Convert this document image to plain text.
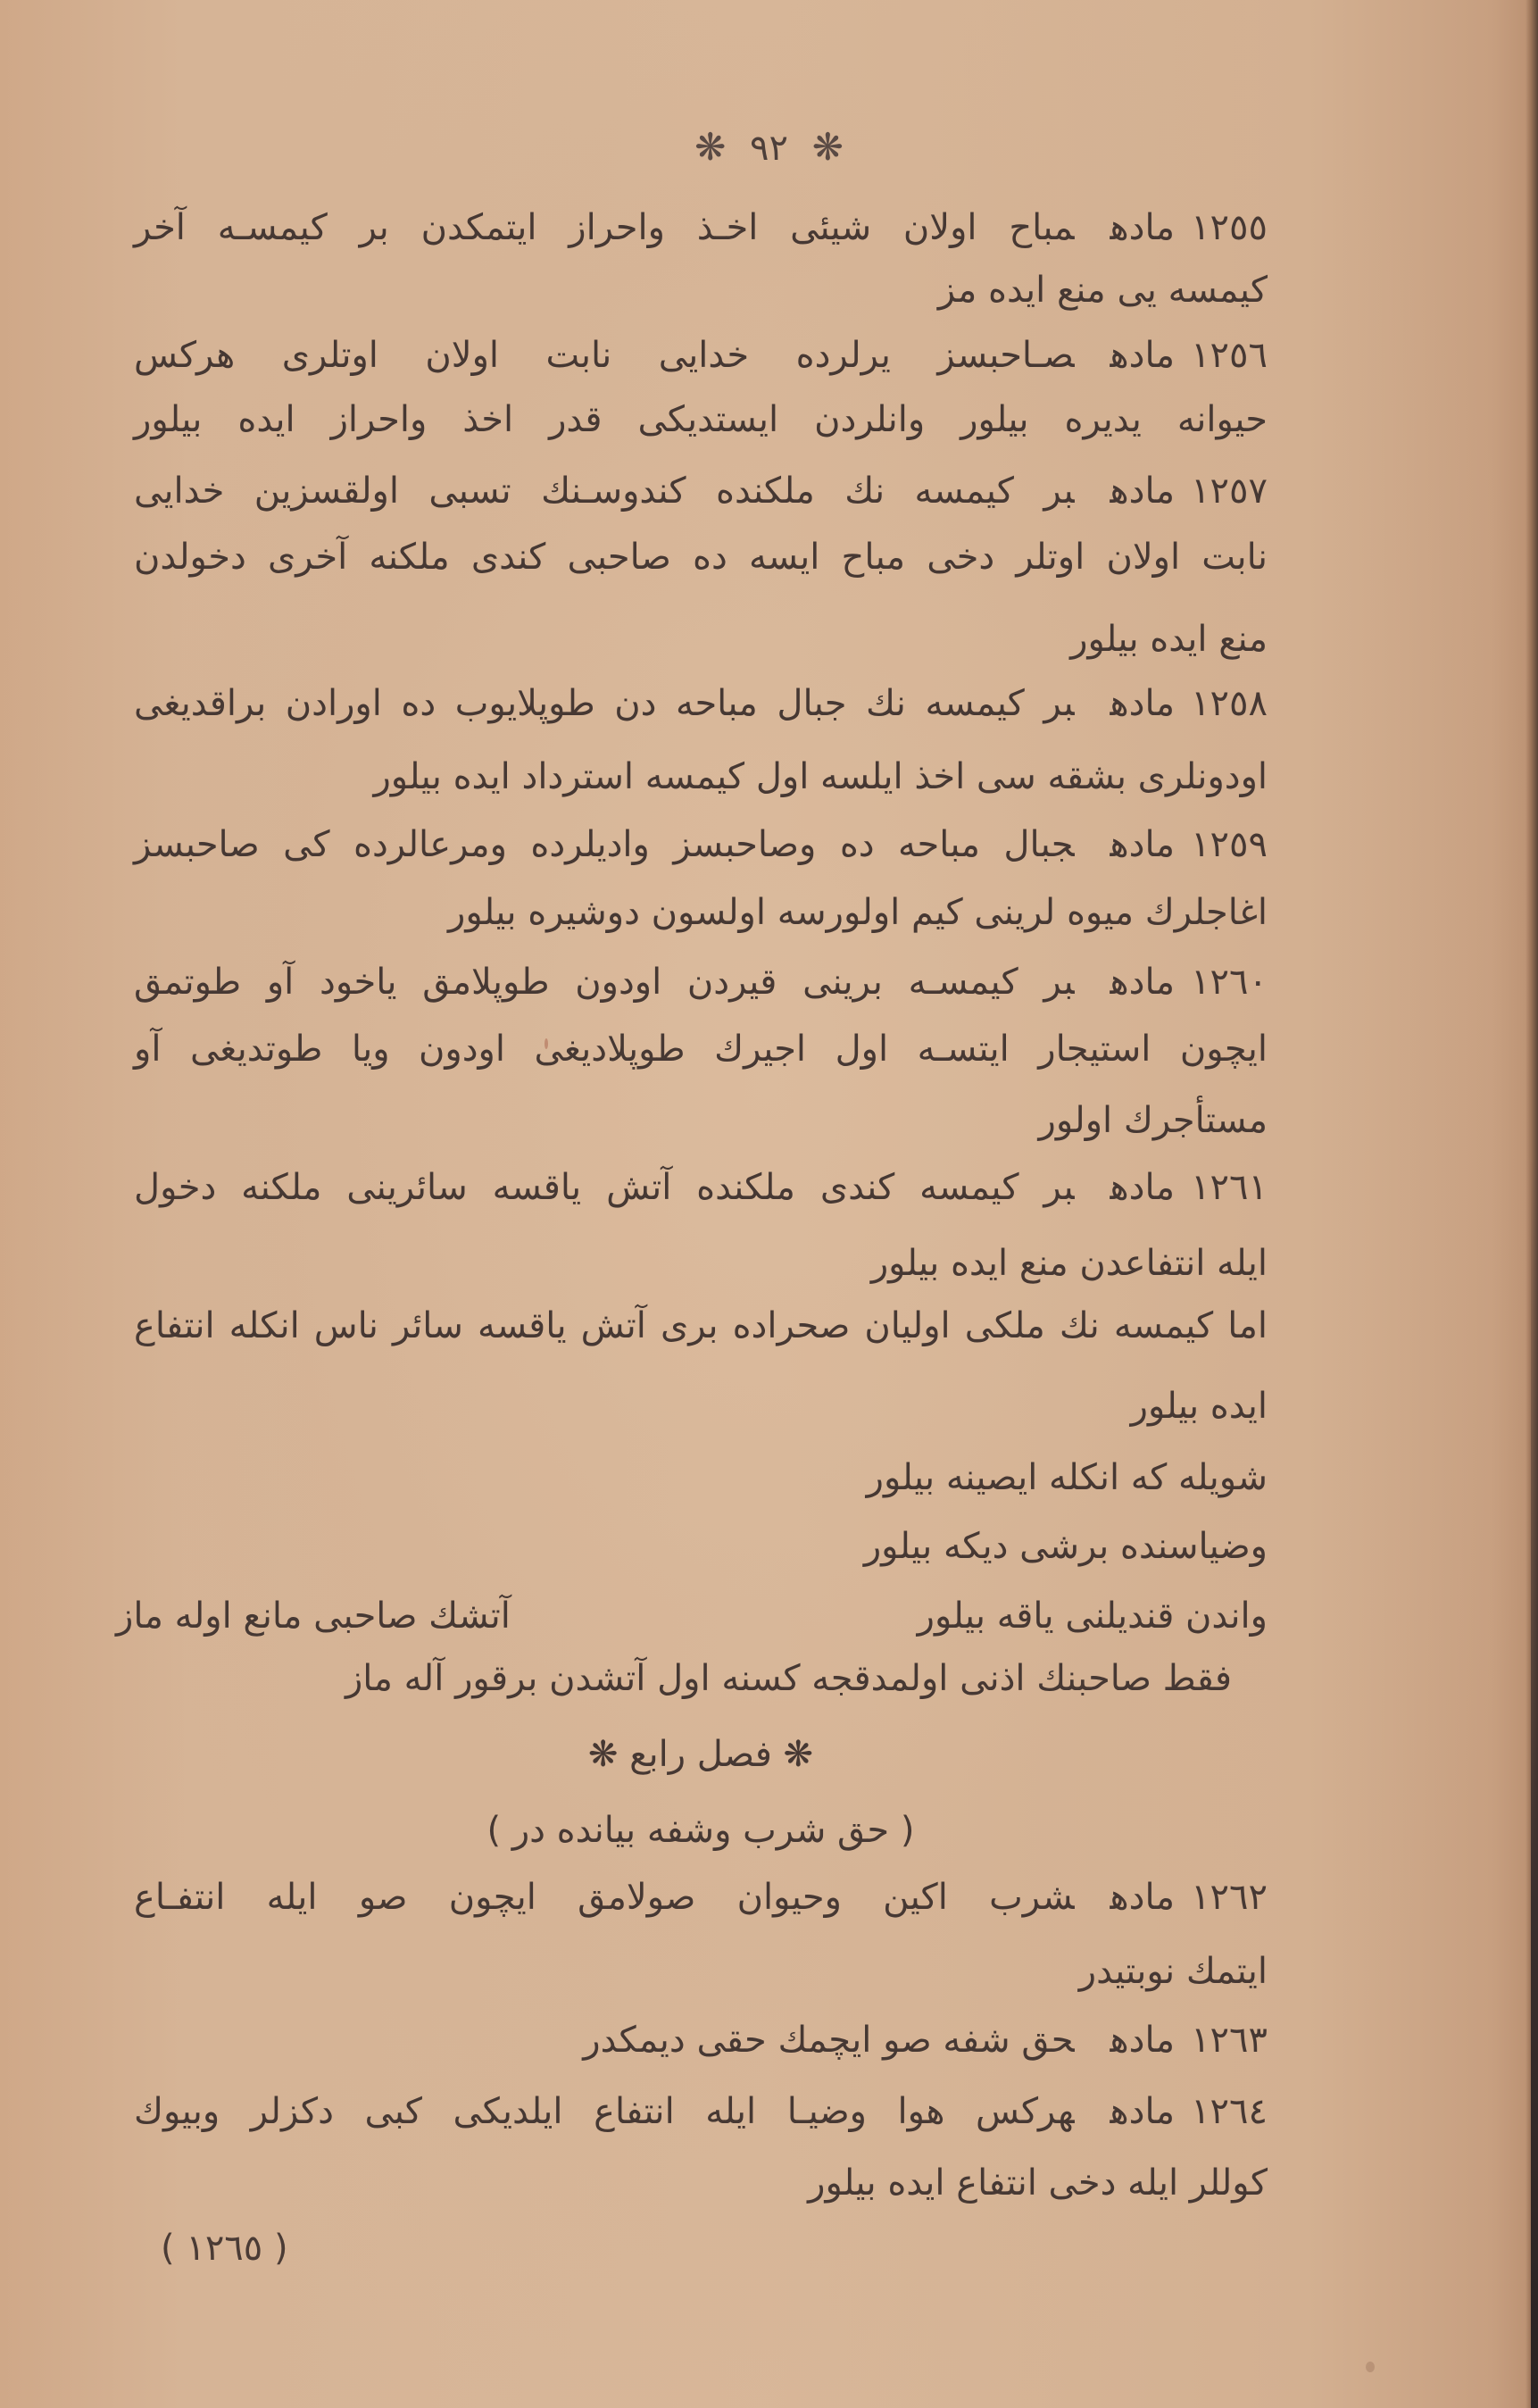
❋ ٩٢ ❋
١٢٥٥مادهمباح اولان شيئی اخـذ واحراز ايتمكدن بر كيمسـه آخر
كيمسه يی منع ايده مز
١٢٥٦مادهصـاحبسز يرلرده خدايی نابت اولان اوتلری هركس
حيوانه يديره بيلور وانلردن ايستديكی قدر اخذ واحراز ايده بيلور
١٢٥٧مادهبر كيمسه نك ملكنده كندوسـنك تسبی اولقسزين خدايی
نابت اولان اوتلر دخی مباح ايسه ده صاحبی كندی ملكنه آخری دخولدن
منع ايده بيلور
١٢٥٨مادهبر كيمسه نك جبال مباحه دن طوپلايوب ده اورادن براقديغی
اودونلری بشقه سی اخذ ايلسه اول كيمسه استرداد ايده بيلور
١٢٥٩مادهجبال مباحه ده وصاحبسز واديلرده ومرعالرده كی صاحبسز
اغاجلرك ميوه لرينی كيم اولورسه اولسون دوشيره بيلور
١٢٦٠مادهبر كيمسـه برينی قيردن اودون طوپلامق ياخود آو طوتمق
ايچون استيجار ايتسـه اول اجيرك طوپلاديغی اودون ويا طوتديغی آو
مستأجرك اولور
١٢٦١مادهبر كيمسه كندی ملكنده آتش ياقسه سائرينی ملكنه دخول
ايله انتفاعدن منع ايده بيلور
اما كيمسه نك ملكی اوليان صحراده بری آتش ياقسه سائر ناس انكله انتفاع
ايده بيلور
شويله كه انكله ايصينه بيلور
وضياسنده برشی ديكه بيلور
واندن قنديلنی ياقه بيلور
آتشك صاحبی مانع اوله ماز
فقط صاحبنك اذنی اولمدقجه كسنه اول آتشدن برقور آله ماز
❋ فصل رابع ❋
( حق شرب وشفه بيانده در )
١٢٦٢مادهشرب اكين وحيوان صولامق ايچون صو ايله انتفـاع
ايتمك نوبتيدر
١٢٦٣مادهحق شفه صو ايچمك حقی ديمكدر
١٢٦٤مادههركس هوا وضيـا ايله انتفاع ايلديكی كبی دكزلر وبيوك
كوللر ايله دخی انتفاع ايده بيلور
( ١٢٦٥ )
